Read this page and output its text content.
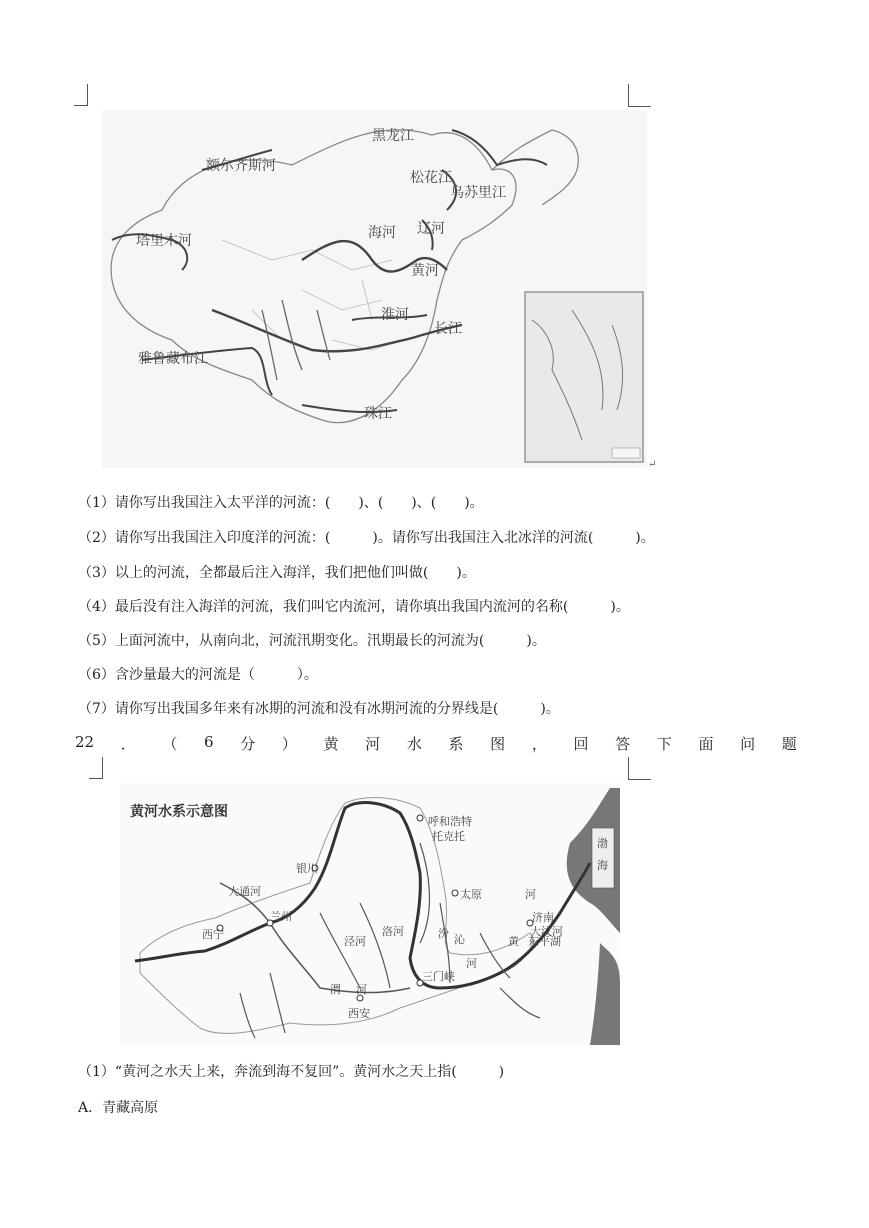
黑龙江
额尔齐斯河
松花江
乌苏里江
塔里木河
辽河
海河
黄河
淮河
长江
雅鲁藏布江
珠江
↵
（1）请你写出我国注入太平洋的河流：(　　)、(　　)、(　　)。
（2）请你写出我国注入印度洋的河流：(　　　)。请你写出我国注入北冰洋的河流(　　　)。
（3）以上的河流，全都最后注入海洋，我们把他们叫做(　　)。
（4）最后没有注入海洋的河流，我们叫它内流河，请你填出我国内流河的名称(　　　)。
（5）上面河流中，从南向北，河流汛期变化。汛期最长的河流为(　　　)。
（6）含沙量最大的河流是（　　　）。
（7）请你写出我国多年来有冰期的河流和没有冰期河流的分界线是(　　　)。
22 ． （ 6 分 ） 黄 河 水 系 图 ， 回 答 下 面 问 题
黄河水系示意图
呼和浩特
托克托
银川
大通河
西宁
兰州
太原
济南
东平湖
大汶河
三门峡
西安
渭 河
汾 沁
泾河
洛河
黄
河
河
渤
海
（1）“黄河之水天上来，奔流到海不复回”。黄河水之天上指(　　　)
A．青藏高原
